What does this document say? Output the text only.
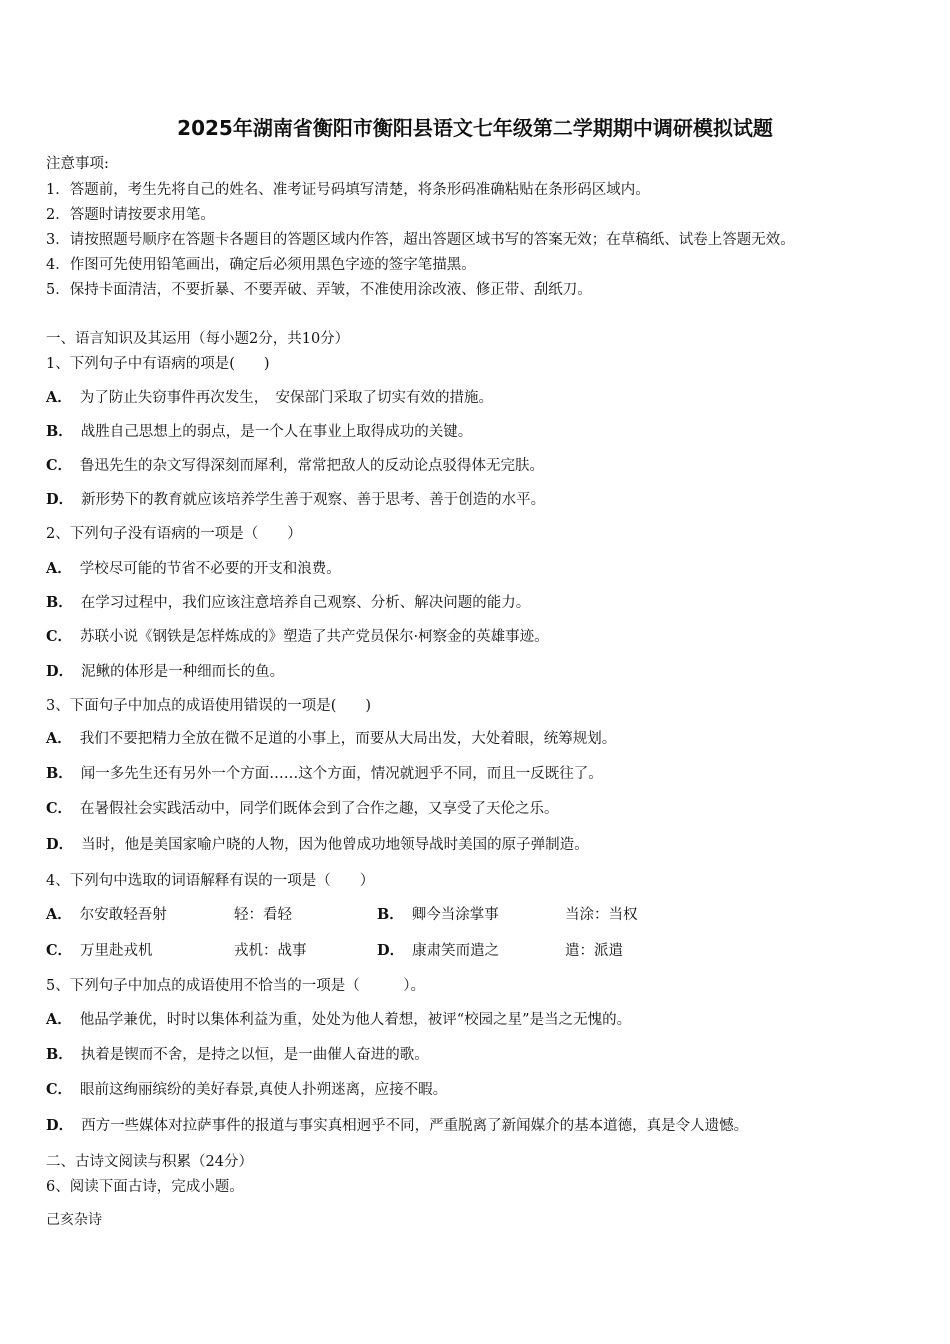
2025年湖南省衡阳市衡阳县语文七年级第二学期期中调研模拟试题
注意事项:
1．答题前，考生先将自己的姓名、准考证号码填写清楚，将条形码准确粘贴在条形码区域内。
2．答题时请按要求用笔。
3．请按照题号顺序在答题卡各题目的答题区域内作答，超出答题区域书写的答案无效；在草稿纸、试卷上答题无效。
4．作图可先使用铅笔画出，确定后必须用黑色字迹的签字笔描黑。
5．保持卡面清洁，不要折暴、不要弄破、弄皱，不准使用涂改液、修正带、刮纸刀。
一、语言知识及其运用（每小题2分，共10分）
1、下列句子中有语病的项是(　　)
A． 为了防止失窃事件再次发生，　安保部门采取了切实有效的措施。
B． 战胜自己思想上的弱点，是一个人在事业上取得成功的关键。
C． 鲁迅先生的杂文写得深刻而犀利，常常把敌人的反动论点驳得体无完肤。
D． 新形势下的教育就应该培养学生善于观察、善于思考、善于创造的水平。
2、下列句子没有语病的一项是（　　）
A． 学校尽可能的节省不必要的开支和浪费。
B． 在学习过程中，我们应该注意培养自己观察、分析、解决问题的能力。
C． 苏联小说《钢铁是怎样炼成的》塑造了共产党员保尔·柯察金的英雄事迹。
D． 泥鳅的体形是一种细而长的鱼。
3、下面句子中加点的成语使用错误的一项是(　　)
A． 我们不要把精力全放在微不足道的小事上，而要从大局出发，大处着眼，统筹规划。
B． 闻一多先生还有另外一个方面……这个方面，情况就迥乎不同，而且一反既往了。
C． 在暑假社会实践活动中，同学们既体会到了合作之趣，又享受了天伦之乐。
D． 当时，他是美国家喻户晓的人物，因为他曾成功地领导战时美国的原子弹制造。
4、下列句中选取的词语解释有误的一项是（　　）
A． 尔安敢轻吾射	轻：看轻	B． 卿今当涂掌事	当涂：当权
C． 万里赴戎机	戎机：战事	D． 康肃笑而遣之	遣：派遣
5、下列句子中加点的成语使用不恰当的一项是（　　　）。
A． 他品学兼优，时时以集体利益为重，处处为他人着想，被评“校园之星”是当之无愧的。
B． 执着是锲而不舍，是持之以恒，是一曲催人奋进的歌。
C． 眼前这绚丽缤纷的美好春景,真使人扑朔迷离，应接不暇。
D． 西方一些媒体对拉萨事件的报道与事实真相迥乎不同，严重脱离了新闻媒介的基本道德，真是令人遗憾。
二、古诗文阅读与积累（24分）
6、阅读下面古诗，完成小题。
己亥杂诗
